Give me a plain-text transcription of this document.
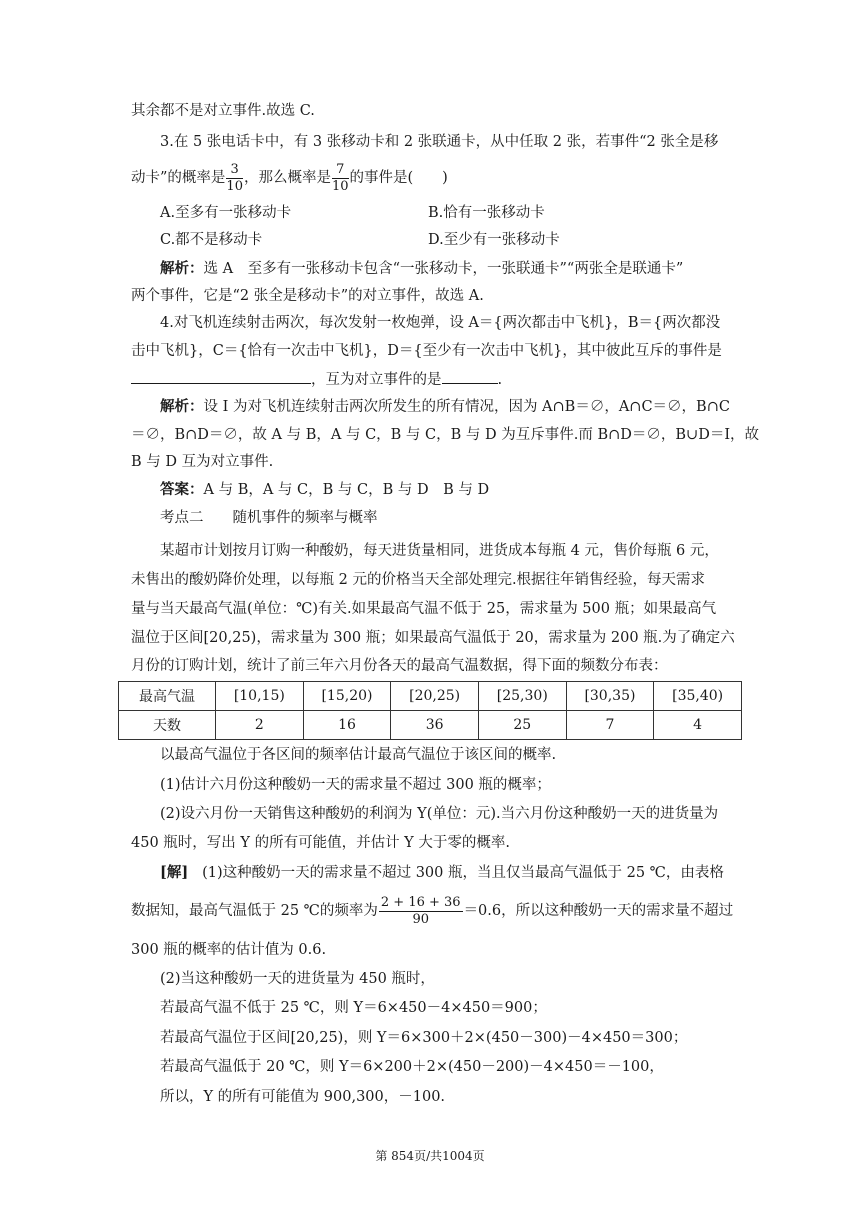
其余都不是对立事件.故选 C.
3.在 5 张电话卡中，有 3 张移动卡和 2 张联通卡，从中任取 2 张，若事件“2 张全是移
动卡”的概率是 $\frac{3}{10}$ ，那么概率是 $\frac{7}{10}$ 的事件是(　　)
A.至多有一张移动卡	B.恰有一张移动卡
C.都不是移动卡	D.至少有一张移动卡
解析：选 A　至多有一张移动卡包含“一张移动卡，一张联通卡”“两张全是联通卡”
两个事件，它是“2 张全是移动卡”的对立事件，故选 A.
4.对飞机连续射击两次，每次发射一枚炮弹，设 A＝{两次都击中飞机}，B＝{两次都没
击中飞机}，C＝{恰有一次击中飞机}，D＝{至少有一次击中飞机}，其中彼此互斥的事件是
，互为对立事件的是	.
解析：设 I 为对飞机连续射击两次所发生的所有情况，因为 A∩B＝∅，A∩C＝∅，B∩C
＝∅，B∩D＝∅，故 A 与 B，A 与 C，B 与 C，B 与 D 为互斥事件.而 B∩D＝∅，B∪D＝I，故
B 与 D 互为对立事件.
答案：A 与 B，A 与 C，B 与 C，B 与 D　B 与 D
考点二　　随机事件的频率与概率
某超市计划按月订购一种酸奶，每天进货量相同，进货成本每瓶 4 元，售价每瓶 6 元，
未售出的酸奶降价处理，以每瓶 2 元的价格当天全部处理完.根据往年销售经验，每天需求
量与当天最高气温(单位：℃)有关.如果最高气温不低于 25，需求量为 500 瓶；如果最高气
温位于区间[20,25)，需求量为 300 瓶；如果最高气温低于 20，需求量为 200 瓶.为了确定六
月份的订购计划，统计了前三年六月份各天的最高气温数据，得下面的频数分布表：
最高气温	[10,15)	[15,20)	[20,25)	[25,30)	[30,35)	[35,40)
天数	2	16	36	25	7	4
以最高气温位于各区间的频率估计最高气温位于该区间的概率.
(1)估计六月份这种酸奶一天的需求量不超过 300 瓶的概率；
(2)设六月份一天销售这种酸奶的利润为 Y(单位：元).当六月份这种酸奶一天的进货量为
450 瓶时，写出 Y 的所有可能值，并估计 Y 大于零的概率.
[解] (1)这种酸奶一天的需求量不超过 300 瓶，当且仅当最高气温低于 25 ℃，由表格
数据知，最高气温低于 25 ℃的频率为 $\frac{2 + 16 + 36}{90} =0.6$，所以这种酸奶一天的需求量不超过
300 瓶的概率的估计值为 0.6.
(2)当这种酸奶一天的进货量为 450 瓶时，
若最高气温不低于 25 ℃，则 Y＝6×450－4×450＝900；
若最高气温位于区间[20,25)，则 Y＝6×300＋2×(450－300)－4×450＝300；
若最高气温低于 20 ℃，则 Y＝6×200＋2×(450－200)－4×450＝－100，
所以，Y 的所有可能值为 900,300，－100.
第 854页/共1004页
